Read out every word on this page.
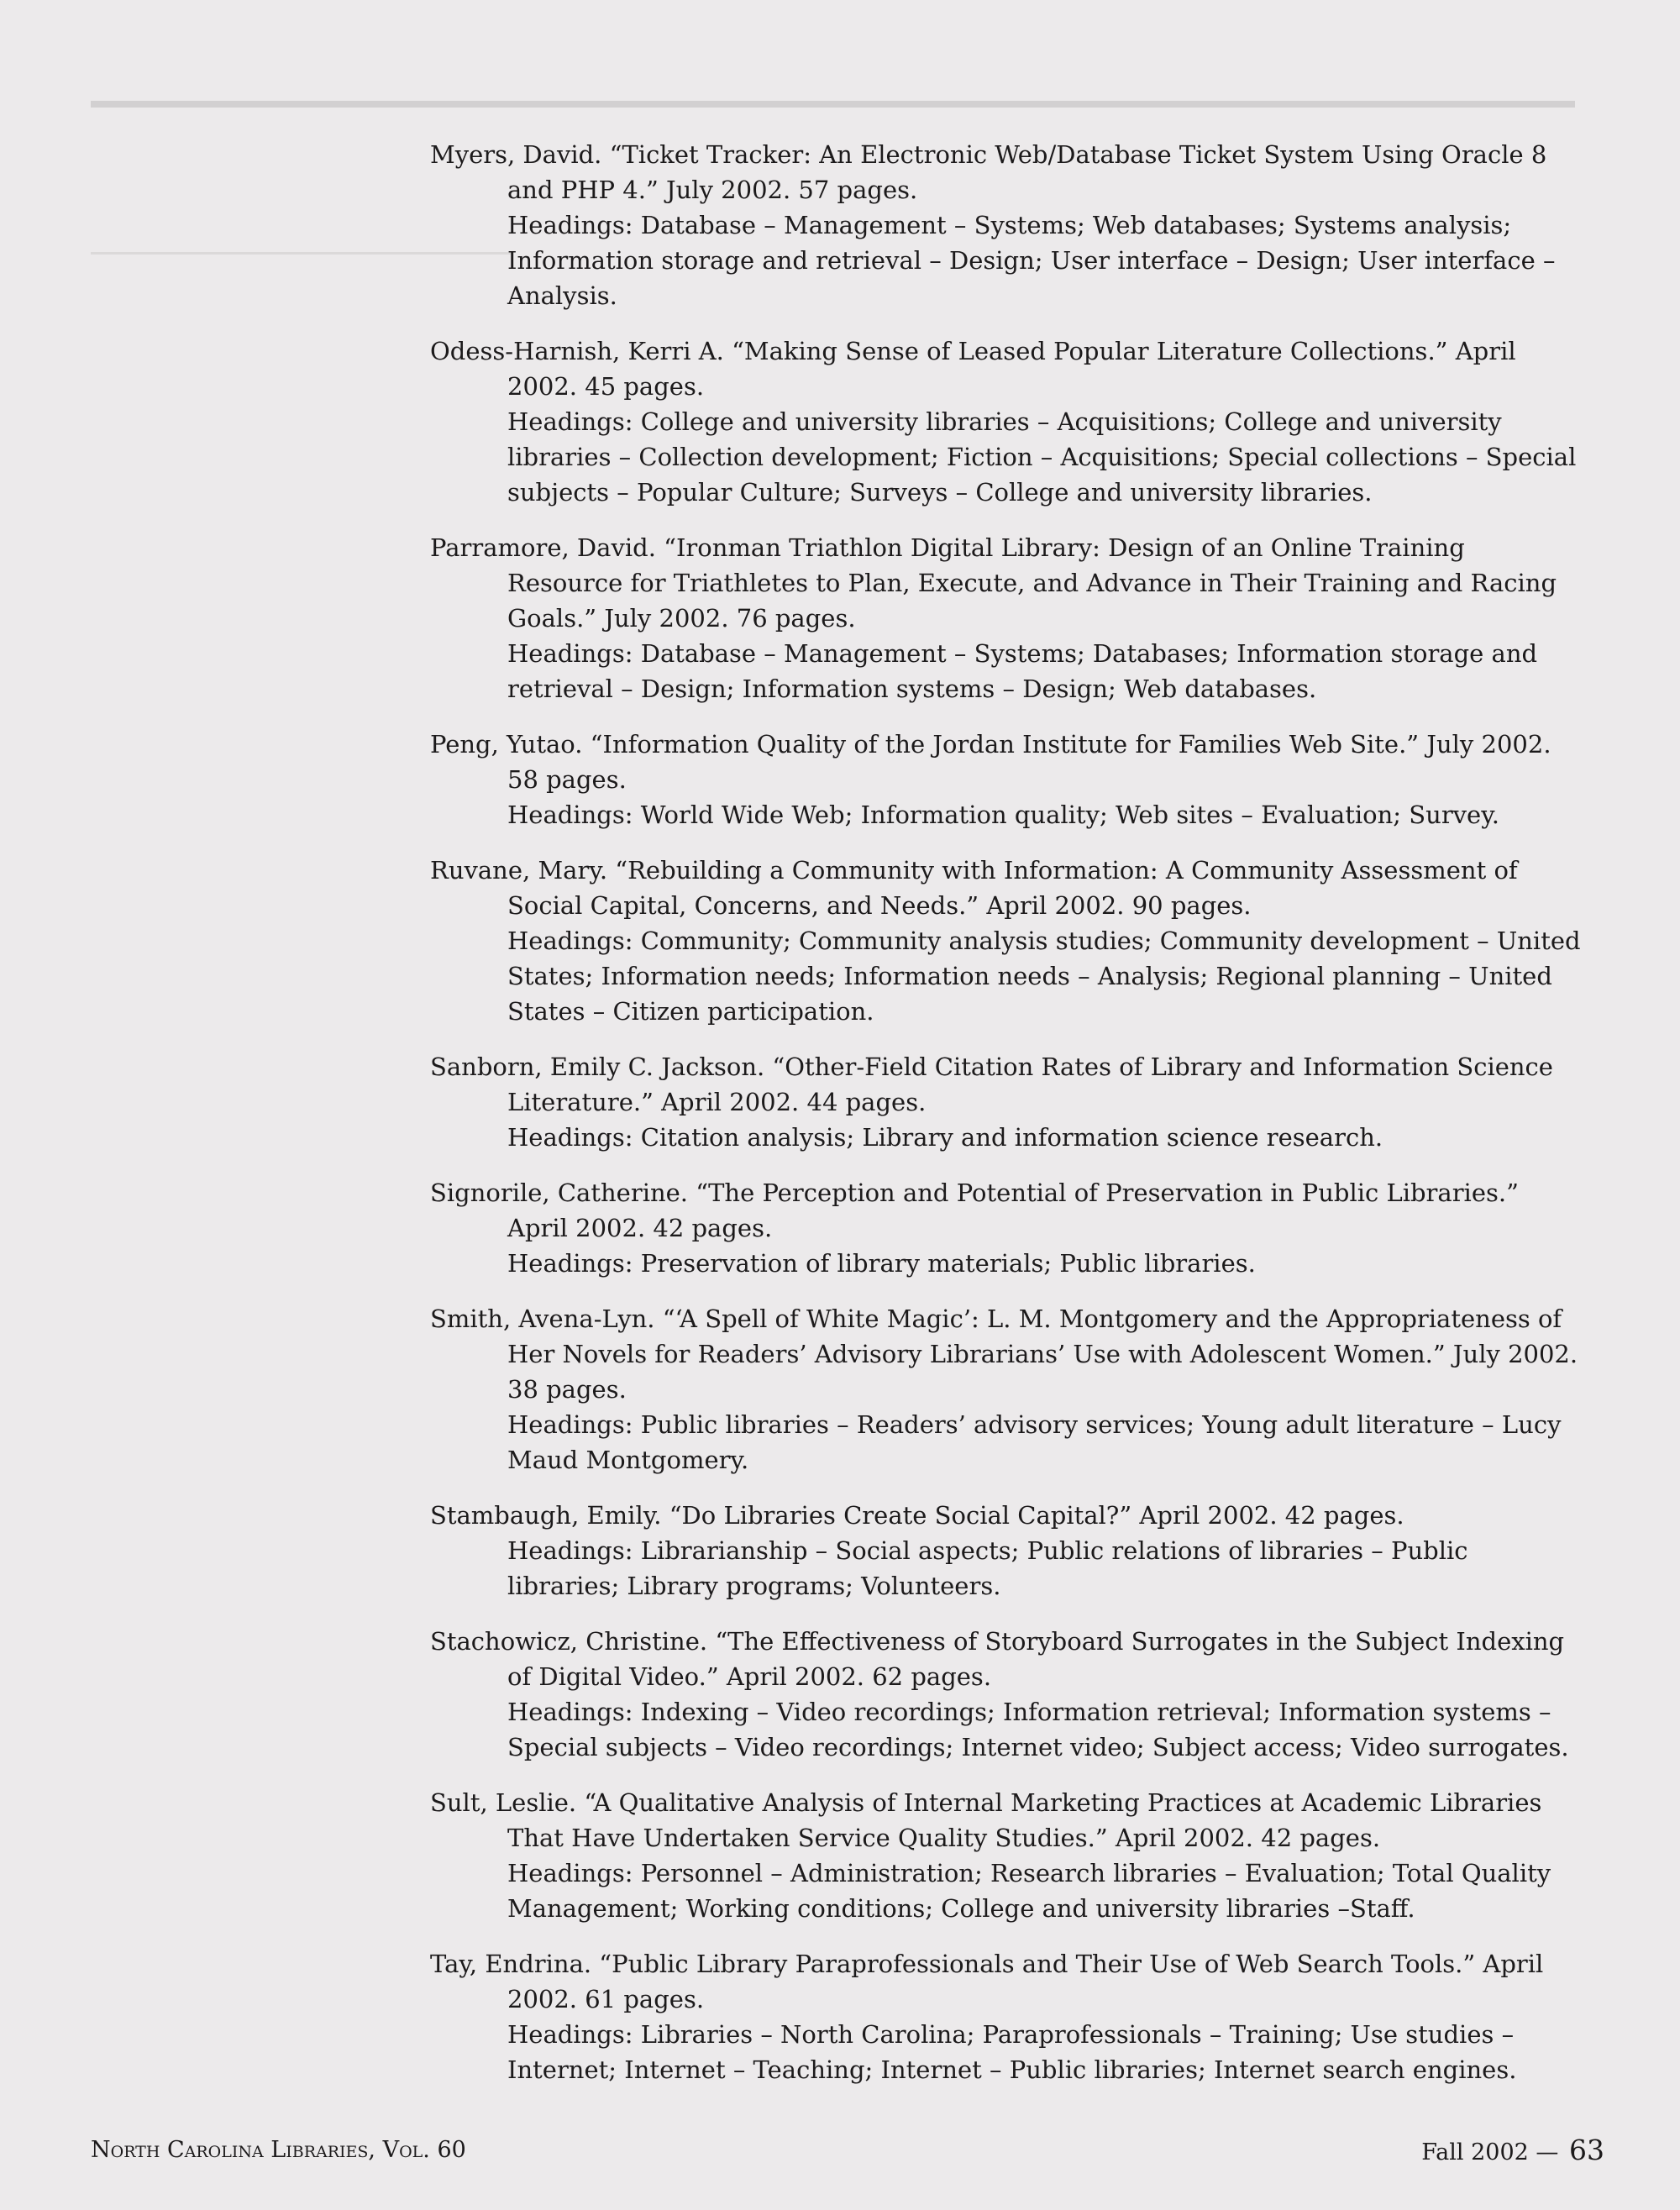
Myers, David. “Ticket Tracker: An Electronic Web/Database Ticket System Using Oracle 8 and PHP 4.” July 2002. 57 pages.

Headings: Database – Management – Systems; Web databases; Systems analysis; Information storage and retrieval – Design; User interface – Design; User interface – Analysis.

Odess-Harnish, Kerri A. “Making Sense of Leased Popular Literature Collections.” April 2002. 45 pages.

Headings: College and university libraries – Acquisitions; College and university libraries – Collection development; Fiction – Acquisitions; Special collections – Special subjects – Popular Culture; Surveys – College and university libraries.

Parramore, David. “Ironman Triathlon Digital Library: Design of an Online Training Resource for Triathletes to Plan, Execute, and Advance in Their Training and Racing Goals.” July 2002. 76 pages.

Headings: Database – Management – Systems; Databases; Information storage and retrieval – Design; Information systems – Design; Web databases.

Peng, Yutao. “Information Quality of the Jordan Institute for Families Web Site.” July 2002. 58 pages.

Headings: World Wide Web; Information quality; Web sites – Evaluation; Survey.

Ruvane, Mary. “Rebuilding a Community with Information: A Community Assessment of Social Capital, Concerns, and Needs.” April 2002. 90 pages.

Headings: Community; Community analysis studies; Community development – United States; Information needs; Information needs – Analysis; Regional planning – United States – Citizen participation.

Sanborn, Emily C. Jackson. “Other-Field Citation Rates of Library and Information Science Literature.” April 2002. 44 pages.

Headings: Citation analysis; Library and information science research.

Signorile, Catherine. “The Perception and Potential of Preservation in Public Libraries.” April 2002. 42 pages.

Headings: Preservation of library materials; Public libraries.

Smith, Avena-Lyn. “‘A Spell of White Magic’: L. M. Montgomery and the Appropriateness of Her Novels for Readers’ Advisory Librarians’ Use with Adolescent Women.” July 2002. 38 pages.

Headings: Public libraries – Readers’ advisory services; Young adult literature – Lucy Maud Montgomery.

Stambaugh, Emily. “Do Libraries Create Social Capital?” April 2002. 42 pages.

Headings: Librarianship – Social aspects; Public relations of libraries – Public libraries; Library programs; Volunteers.

Stachowicz, Christine. “The Effectiveness of Storyboard Surrogates in the Subject Indexing of Digital Video.” April 2002. 62 pages.

Headings: Indexing – Video recordings; Information retrieval; Information systems – Special subjects – Video recordings; Internet video; Subject access; Video surrogates.

Sult, Leslie. “A Qualitative Analysis of Internal Marketing Practices at Academic Libraries That Have Undertaken Service Quality Studies.” April 2002. 42 pages.

Headings: Personnel – Administration; Research libraries – Evaluation; Total Quality Management; Working conditions; College and university libraries –Staff.

Tay, Endrina. “Public Library Paraprofessionals and Their Use of Web Search Tools.” April 2002. 61 pages.

Headings: Libraries – North Carolina; Paraprofessionals – Training; Use studies – Internet; Internet – Teaching; Internet – Public libraries; Internet search engines.

North Carolina Libraries, Vol. 60	Fall 2002 — 63
